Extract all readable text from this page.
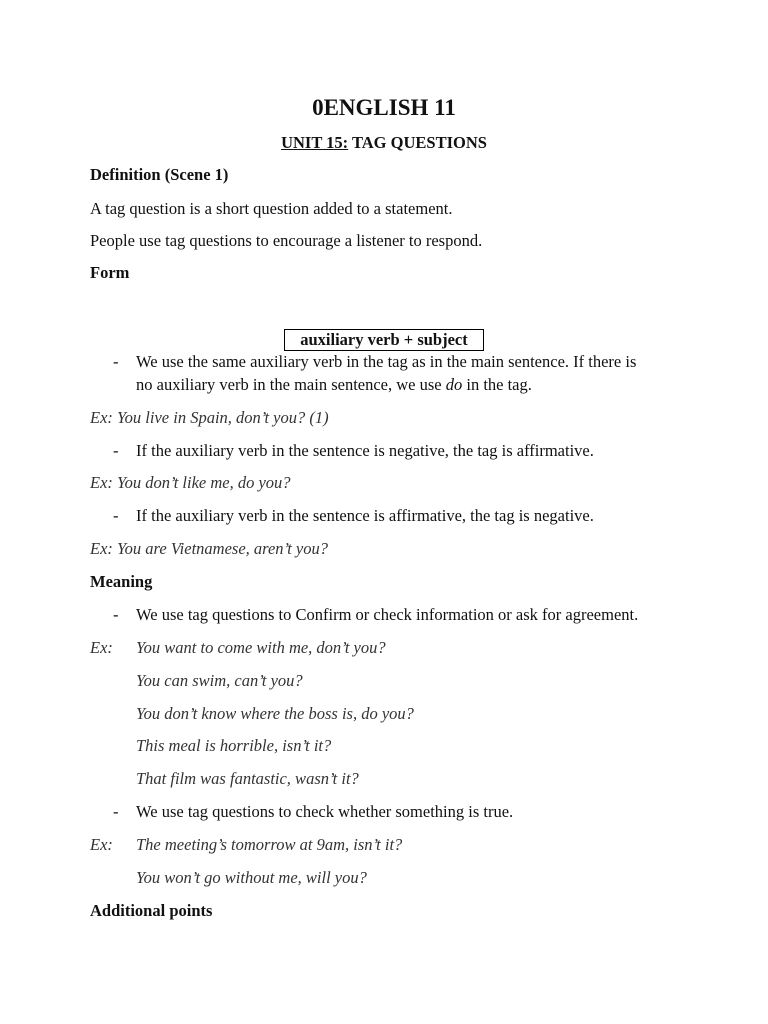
0ENGLISH 11
UNIT 15: TAG QUESTIONS
Definition (Scene 1)
A tag question is a short question added to a statement.
People use tag questions to encourage a listener to respond.
Form
auxiliary verb + subject
- We use the same auxiliary verb in the tag as in the main sentence. If there is
no auxiliary verb in the main sentence, we use do in the tag.
Ex: You live in Spain, don’t you? (1)
- If the auxiliary verb in the sentence is negative, the tag is affirmative.
Ex: You don’t like me, do you?
- If the auxiliary verb in the sentence is affirmative, the tag is negative.
Ex: You are Vietnamese, aren’t you?
Meaning
- We use tag questions to Confirm or check information or ask for agreement.
Ex: You want to come with me, don’t you?
You can swim, can’t you?
You don’t know where the boss is, do you?
This meal is horrible, isn’t it?
That film was fantastic, wasn’t it?
- We use tag questions to check whether something is true.
Ex: The meeting’s tomorrow at 9am, isn’t it?
You won’t go without me, will you?
Additional points
